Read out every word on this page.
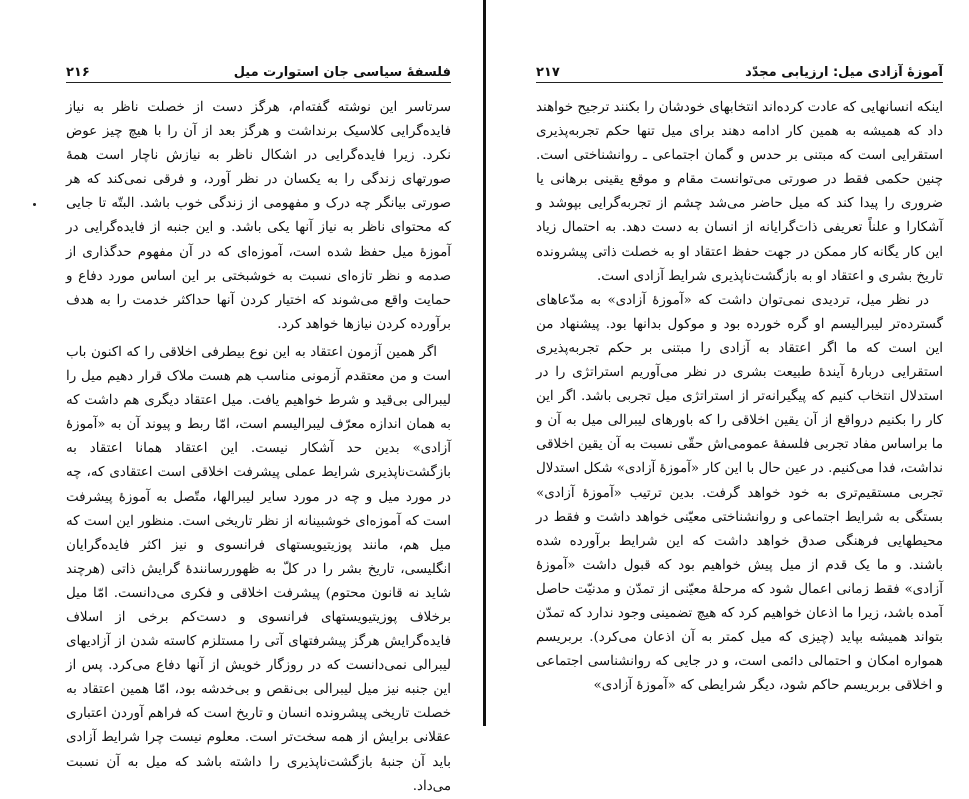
فلسفهٔ سیاسی جان استوارت میل
۲۱۶

سرتاسر این نوشته گفته‌ام، هرگز دست از خصلت ناظر به نیاز فایده‌گرایی کلاسیک برنداشت و هرگز بعد از آن را با هیچ چیز عوض نکرد. زیرا فایده‌گرایی در اشکال ناظر به نیازش ناچار است همهٔ صورتهای زندگی را به یکسان در نظر آورد، و فرقی نمی‌کند که هر صورتی بیانگر چه درک و مفهومی از زندگی خوب باشد. البتّه تا جایی که محتوای ناظر به نیاز آنها یکی باشد. و این جنبه از فایده‌گرایی در آموزهٔ میل حفظ شده است، آموزه‌ای که در آن مفهوم حدگذاری از صدمه و نظر تازه‌ای نسبت به خوشبختی بر این اساس مورد دفاع و حمایت واقع می‌شوند که اختیار کردن آنها حداکثر خدمت را به هدف برآورده کردن نیازها خواهد کرد.

اگر همین آزمون اعتقاد به این نوع بیطرفی اخلاقی را که اکنون باب است و من معتقدم آزمونی مناسب هم هست ملاک قرار دهیم میل را لیبرالی بی‌قید و شرط خواهیم یافت. میل اعتقاد دیگری هم داشت که به همان اندازه معرّف لیبرالیسم است، امّا ربط و پیوند آن به «آموزهٔ آزادی» بدین حد آشکار نیست. این اعتقاد همانا اعتقاد به بازگشت‌ناپذیری شرایط عملی پیشرفت اخلاقی است اعتقادی که، چه در مورد میل و چه در مورد سایر لیبرالها، متّصل به آموزهٔ پیشرفت است که آموزه‌ای خوشبینانه از نظر تاریخی است. منظور این است که میل هم، مانند پوزیتیویستهای فرانسوی و نیز اکثر فایده‌گرایان انگلیسی، تاریخ بشر را در کلّ به ظهوررسانندهٔ گرایش ذاتی (هرچند شاید نه قانون محتوم) پیشرفت اخلاقی و فکری می‌دانست. امّا میل برخلاف پوزیتیویستهای فرانسوی و دست‌کم برخی از اسلاف فایده‌گرایش هرگز پیشرفتهای آتی را مستلزم کاسته شدن از آزادیهای لیبرالی نمی‌دانست که در روزگار خویش از آنها دفاع می‌کرد. پس از این جنبه نیز میل لیبرالی بی‌نقص و بی‌خدشه بود، امّا همین اعتقاد به خصلت تاریخی پیشرونده انسان و تاریخ است که فراهم آوردن اعتباری عقلانی برایش از همه سخت‌تر است. معلوم نیست چرا شرایط آزادی باید آن جنبهٔ بازگشت‌ناپذیری را داشته باشد که میل به آن نسبت می‌داد.

آموزهٔ آزادی میل: ارزیابی مجدّد
۲۱۷

اینکه انسانهایی که عادت کرده‌اند انتخابهای خودشان را بکنند ترجیح خواهند داد که همیشه به همین کار ادامه دهند برای میل تنها حکم تجربه‌پذیری استقرایی است که مبتنی بر حدس و گمان اجتماعی ـ روانشناختی است. چنین حکمی فقط در صورتی می‌توانست مقام و موقع یقینی برهانی یا ضروری را پیدا کند که میل حاضر می‌شد چشم از تجربه‌گرایی بپوشد و آشکارا و علناً تعریفی ذات‌گرایانه از انسان به دست دهد. به احتمال زیاد این کار یگانه کار ممکن در جهت حفظ اعتقاد او به خصلت ذاتی پیشرونده تاریخ بشری و اعتقاد او به بازگشت‌ناپذیری شرایط آزادی است.

در نظر میل، تردیدی نمی‌توان داشت که «آموزهٔ آزادی» به مدّعاهای گسترده‌تر لیبرالیسم او گره خورده بود و موکول بدانها بود. پیشنهاد من این است که ما اگر اعتقاد به آزادی را مبتنی بر حکم تجربه‌پذیری استقرایی دربارهٔ آیندهٔ طبیعت بشری در نظر می‌آوریم استراتژی را در استدلال انتخاب کنیم که پیگیرانه‌تر از استراتژی میل تجربی باشد. اگر این کار را بکنیم درواقع از آن یقین اخلاقی را که باورهای لیبرالی میل به آن و ما براساس مفاد تجربی فلسفهٔ عمومی‌اش حقّی نسبت به آن یقین اخلاقی نداشت، فدا می‌کنیم. در عین حال با این کار «آموزهٔ آزادی» شکل استدلال تجربی مستقیم‌تری به خود خواهد گرفت. بدین ترتیب «آموزهٔ آزادی» بستگی به شرایط اجتماعی و روانشناختی معیّنی خواهد داشت و فقط در محیطهایی فرهنگی صدق خواهد داشت که این شرایط برآورده شده باشند. و ما یک قدم از میل پیش خواهیم بود که قبول داشت «آموزهٔ آزادی» فقط زمانی اعمال شود که مرحلهٔ معیّنی از تمدّن و مدنیّت حاصل آمده باشد، زیرا ما اذعان خواهیم کرد که هیچ تضمینی وجود ندارد که تمدّن بتواند همیشه بپاید (چیزی که میل کمتر به آن اذعان می‌کرد). بربریسم همواره امکان و احتمالی دائمی است، و در جایی که روانشناسی اجتماعی و اخلاقی بربریسم حاکم شود، دیگر شرایطی که «آموزهٔ آزادی»
